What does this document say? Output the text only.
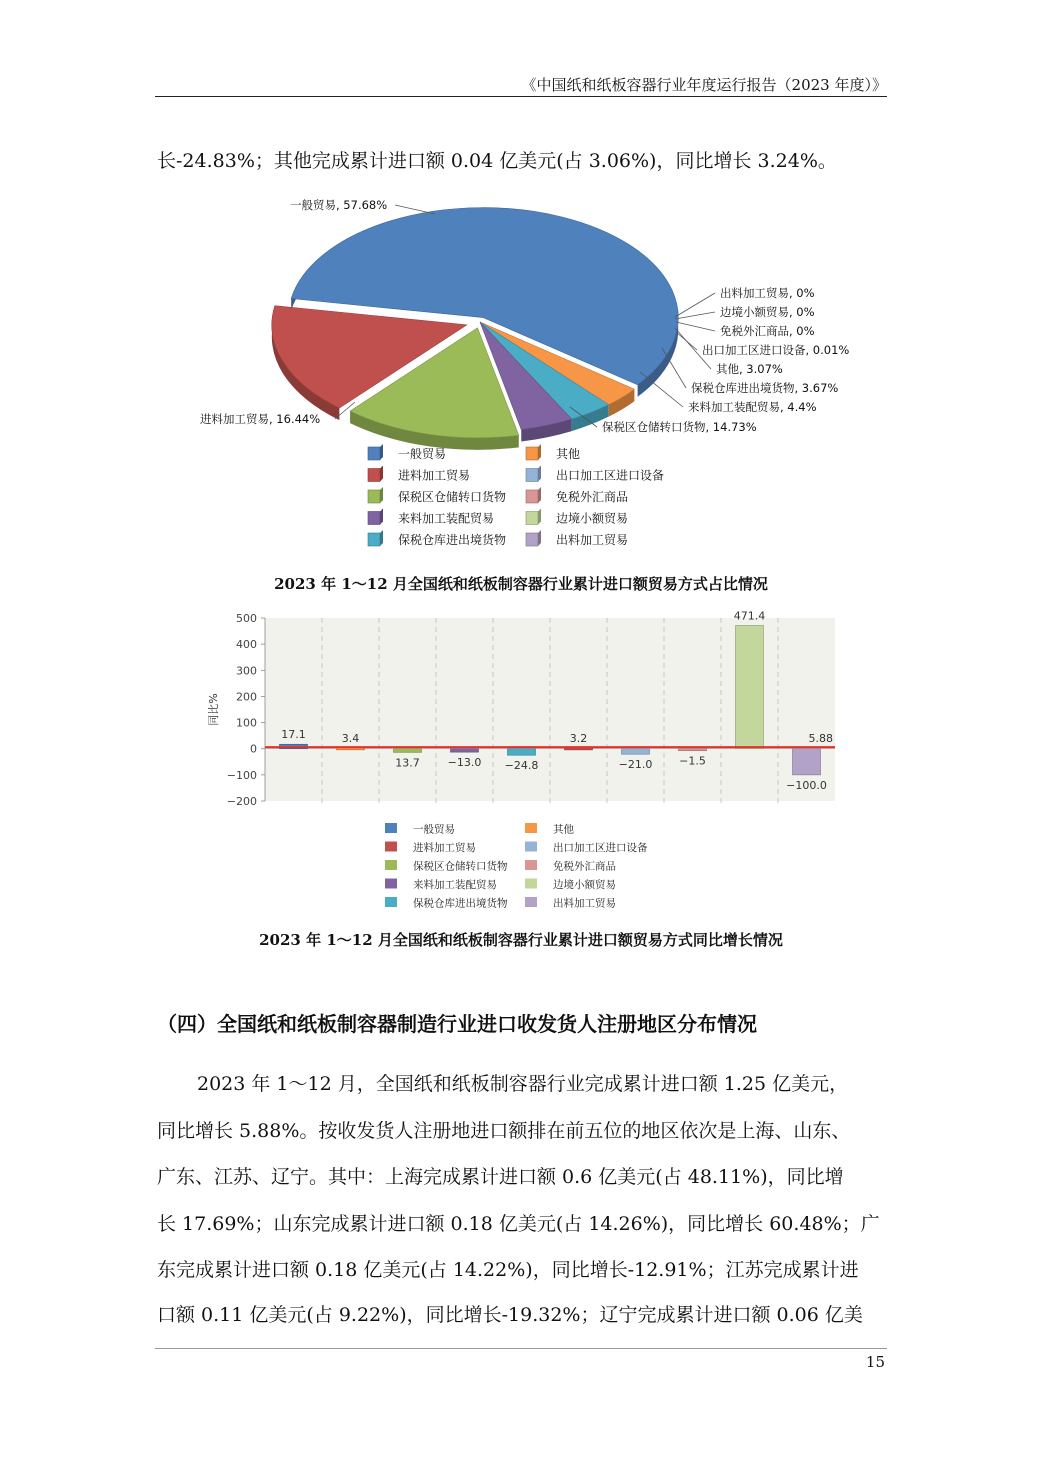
《中国纸和纸板容器行业年度运行报告（2023 年度）》
长-24.83%；其他完成累计进口额 0.04 亿美元(占 3.06%)，同比增长 3.24%。
一般贸易, 57.68%
进料加工贸易, 16.44%
保税区仓储转口货物, 14.73%
来料加工装配贸易, 4.4%
保税仓库进出境货物, 3.67%
其他, 3.07%
出口加工区进口设备, 0.01%
免税外汇商品, 0%
边境小额贸易, 0%
出料加工贸易, 0%
一般贸易	其他
进料加工贸易	出口加工区进口设备
保税区仓储转口货物	免税外汇商品
来料加工装配贸易	边境小额贸易
保税仓库进出境货物	出料加工贸易
2023 年 1～12 月全国纸和纸板制容器行业累计进口额贸易方式占比情况
500
400
300
200
100
0
−100
−200
同比%
17.1	3.4
13.7	−13.0 −24.8
3.2
−21.0 −1.5
471.4
−100.0
5.88
一般贸易	其他
进料加工贸易	出口加工区进口设备
保税区仓储转口货物	免税外汇商品
来料加工装配贸易	边境小额贸易
保税仓库进出境货物	出料加工贸易
2023 年 1～12 月全国纸和纸板制容器行业累计进口额贸易方式同比增长情况
（四）全国纸和纸板制容器制造行业进口收发货人注册地区分布情况
2023 年 1～12 月，全国纸和纸板制容器行业完成累计进口额 1.25 亿美元，
同比增长 5.88%。按收发货人注册地进口额排在前五位的地区依次是上海、山东、
广东、江苏、辽宁。其中：上海完成累计进口额 0.6 亿美元(占 48.11%)，同比增
长 17.69%；山东完成累计进口额 0.18 亿美元(占 14.26%)，同比增长 60.48%；广
东完成累计进口额 0.18 亿美元(占 14.22%)，同比增长-12.91%；江苏完成累计进
口额 0.11 亿美元(占 9.22%)，同比增长-19.32%；辽宁完成累计进口额 0.06 亿美
15
